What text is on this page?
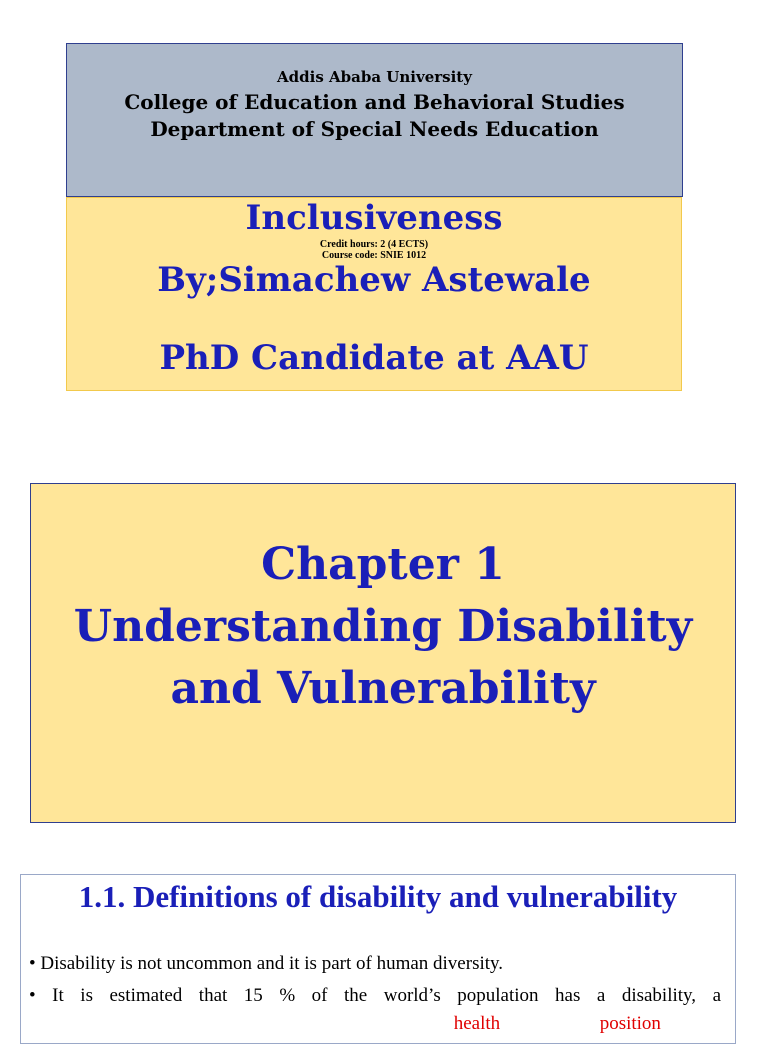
Addis Ababa University
College of Education and Behavioral Studies
Department of Special Needs Education
Inclusiveness
Credit hours: 2 (4 ECTS)
Course code: SNIE 1012
By;Simachew Astewale
PhD Candidate at AAU
Chapter 1
Understanding Disability
and Vulnerability
1.1. Definitions of disability and vulnerability
• Disability is not uncommon and it is part of human diversity.
• It is estimated that 15 % of the world’s population has a disability, a
health	position
